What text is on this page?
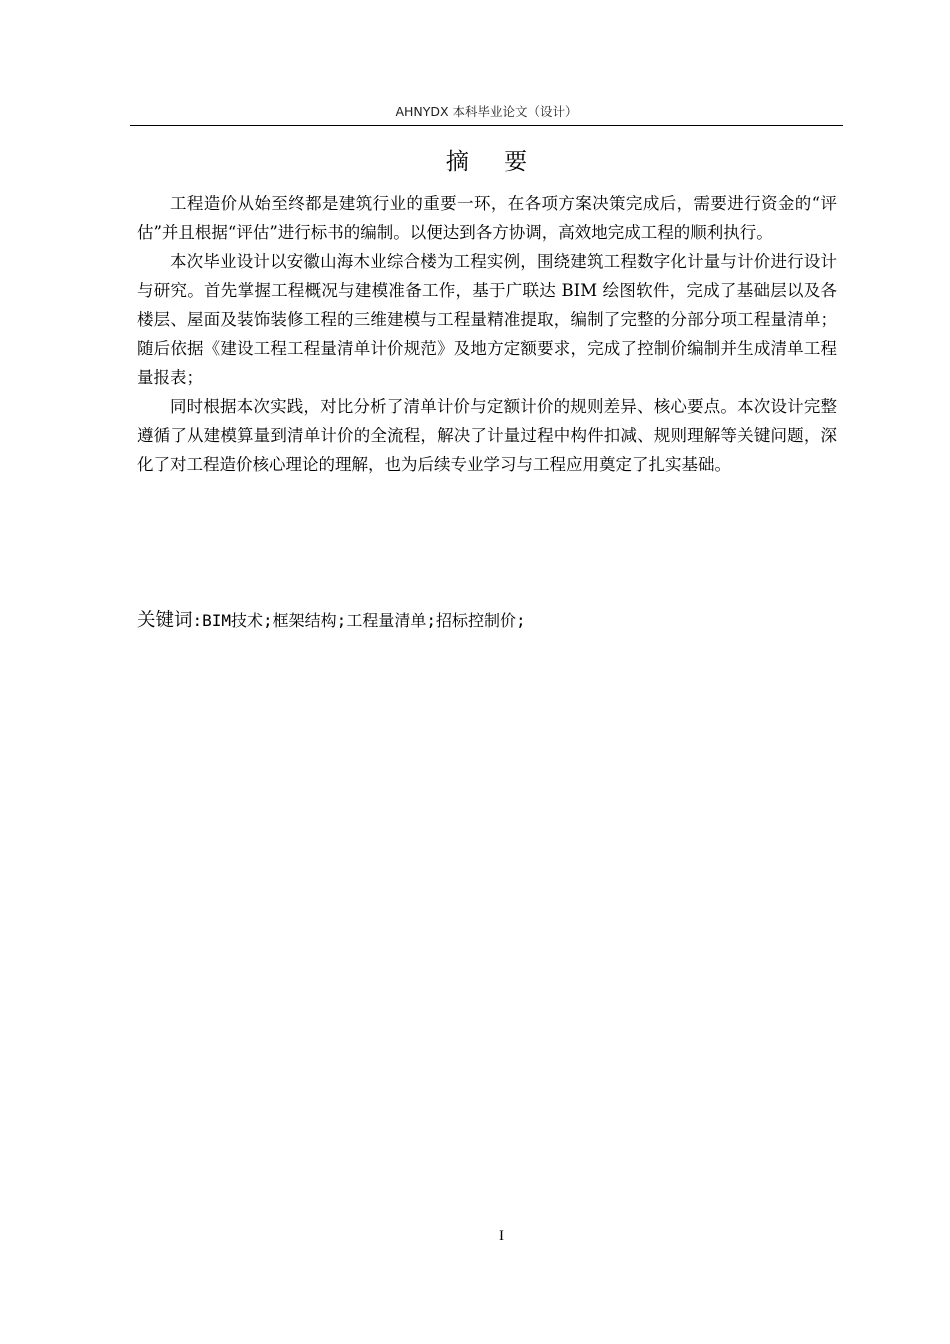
AHNYDX 本科毕业论文（设计）
摘 要

工程造价从始至终都是建筑行业的重要一环，在各项方案决策完成后，需要进行资金的“评估”并且根据“评估”进行标书的编制。以便达到各方协调，高效地完成工程的顺利执行。

本次毕业设计以安徽山海木业综合楼为工程实例，围绕建筑工程数字化计量与计价进行设计与研究。首先掌握工程概况与建模准备工作，基于广联达 BIM 绘图软件，完成了基础层以及各楼层、屋面及装饰装修工程的三维建模与工程量精准提取，编制了完整的分部分项工程量清单；随后依据《建设工程工程量清单计价规范》及地方定额要求，完成了控制价编制并生成清单工程量报表；

同时根据本次实践，对比分析了清单计价与定额计价的规则差异、核心要点。本次设计完整遵循了从建模算量到清单计价的全流程，解决了计量过程中构件扣减、规则理解等关键问题，深化了对工程造价核心理论的理解，也为后续专业学习与工程应用奠定了扎实基础。

关键词:BIM技术;框架结构;工程量清单;招标控制价;
I
